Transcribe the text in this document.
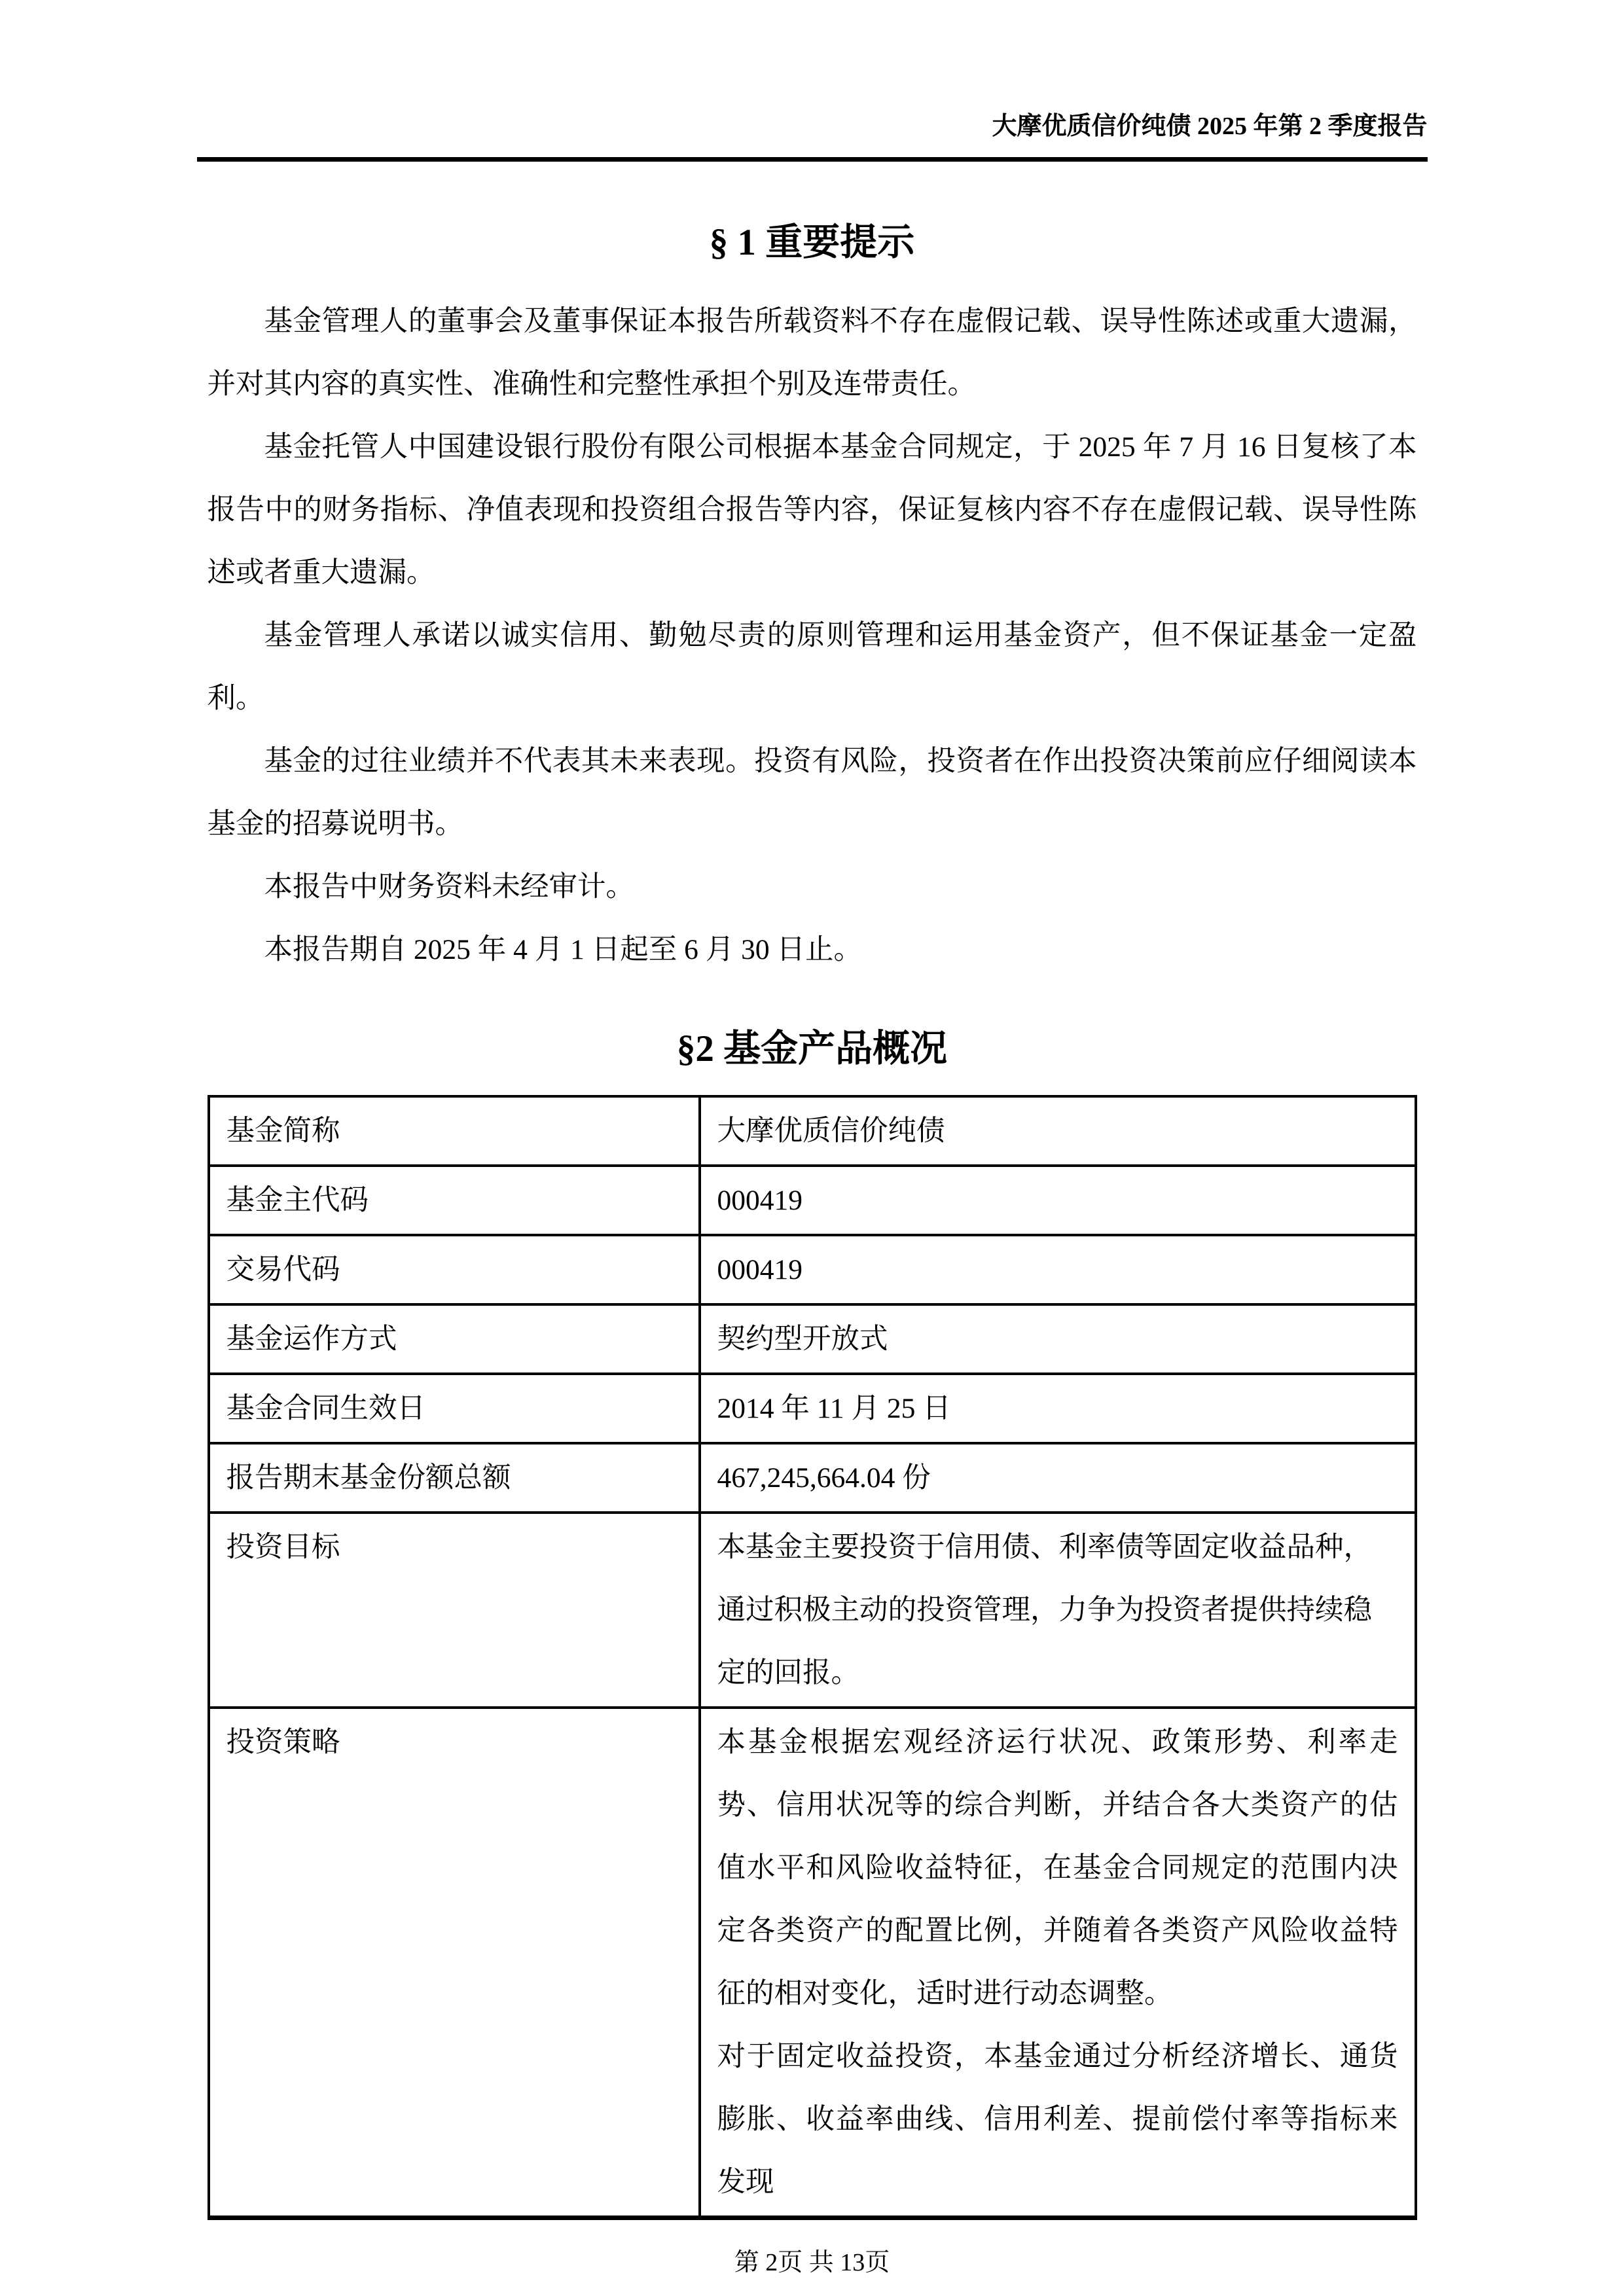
大摩优质信价纯债 2025 年第 2 季度报告
§ 1 重要提示

基金管理人的董事会及董事保证本报告所载资料不存在虚假记载、误导性陈述或重大遗漏，并对其内容的真实性、准确性和完整性承担个别及连带责任。

基金托管人中国建设银行股份有限公司根据本基金合同规定，于 2025 年 7 月 16 日复核了本报告中的财务指标、净值表现和投资组合报告等内容，保证复核内容不存在虚假记载、误导性陈述或者重大遗漏。

基金管理人承诺以诚实信用、勤勉尽责的原则管理和运用基金资产，但不保证基金一定盈利。

基金的过往业绩并不代表其未来表现。投资有风险，投资者在作出投资决策前应仔细阅读本基金的招募说明书。

本报告中财务资料未经审计。

本报告期自 2025 年 4 月 1 日起至 6 月 30 日止。

§2 基金产品概况
基金简称	大摩优质信价纯债
基金主代码	000419
交易代码	000419
基金运作方式	契约型开放式
基金合同生效日	2014 年 11 月 25 日
报告期末基金份额总额	467,245,664.04 份
投资目标	本基金主要投资于信用债、利率债等固定收益品种，通过积极主动的投资管理，力争为投资者提供持续稳定的回报。
投资策略	本基金根据宏观经济运行状况、政策形势、利率走势、信用状况等的综合判断，并结合各大类资产的估值水平和风险收益特征，在基金合同规定的范围内决定各类资产的配置比例，并随着各类资产风险收益特征的相对变化，适时进行动态调整。
对于固定收益投资，本基金通过分析经济增长、通货膨胀、收益率曲线、信用利差、提前偿付率等指标来发现
第 2页 共 13页
